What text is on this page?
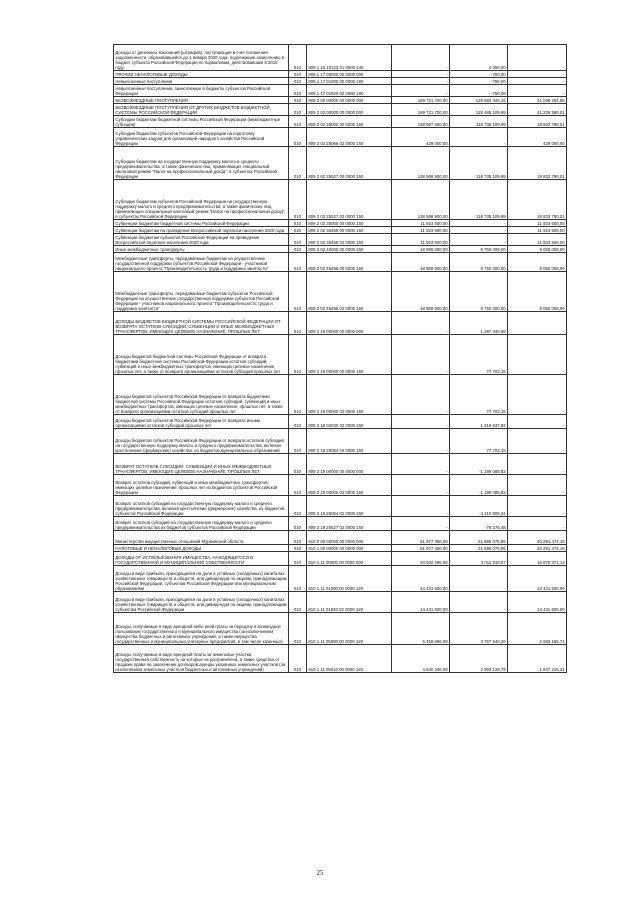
Доходы от денежных взысканий (штрафов), поступающие в счет погашения задолженности, образовавшейся до 1 января 2020 года, подлежащие зачислению в бюджет субъекта Российской Федерации по нормативам, действовавшим в 2019 году	010	809 1 16 10123 01 0000 140	-	4 050,00	-
ПРОЧИЕ НЕНАЛОГОВЫЕ ДОХОДЫ	010	809 1 17 00000 00 0000 000	-	-750,00	-
Невыясненные поступления	010	809 1 17 01000 00 0000 180	-	-750,00	-
Невыясненные поступления, зачисляемые в бюджеты субъектов Российской Федерации	010	809 1 17 01020 02 0000 180	-	-750,00	-
БЕЗВОЗМЕЗДНЫЕ ПОСТУПЛЕНИЯ	010	809 2 00 00000 00 0000 000	169 721 700,00	128 683 445,15	41 038 254,85
БЕЗВОЗМЕЗДНЫЕ ПОСТУПЛЕНИЯ ОТ ДРУГИХ БЮДЖЕТОВ БЮДЖЕТНОЙ СИСТЕМЫ РОССИЙСКОЙ ФЕДЕРАЦИИ	010	809 2 02 00000 00 0000 000	169 721 700,00	128 485 109,99	41 236 590,01
Субсидии бюджетам бюджетной системы Российской Федерации (межбюджетные субсидии)	010	809 2 02 20000 00 0000 150	138 997 600,00	118 735 109,99	18 662 790,01
Субсидии бюджетам субъектов Российской Федерации на подготовку управленческих кадров для организаций народного хозяйства Российской Федерации	010	809 2 02 25066 02 0000 150	429 000,00	-	429 000,00
Субсидии бюджетам на государственную поддержку малого и среднего предпринимательства, а также физических лиц, применяющих специальный налоговый режим "Налог на профессиональный доход", в субъектах Российской Федерации	010	809 2 02 25527 00 0000 150	138 568 900,00	118 735 109,99	18 833 790,01
Субсидии бюджетам субъектов Российской Федерации на государственную поддержку малого и среднего предпринимательства, а также физических лиц, применяющих специальный налоговый режим "Налог на профессиональный доход", в субъектах Российской Федерации	010	809 2 02 25527 02 0000 150	138 568 900,00	118 735 109,99	18 833 790,01
Субвенции бюджетам бюджетной системы Российской Федерации	010	809 2 02 30000 00 0000 150	11 923 600,00	-	11 923 600,00
Субвенции бюджетам на проведение Всероссийской переписи населения 2020 года	010	809 2 02 35469 00 0000 150	11 923 600,00	-	11 923 600,00
Субвенции бюджетам субъектов Российской Федерации на проведение Всероссийской переписи населения 2020 года	010	809 2 02 35469 02 0000 150	11 923 600,00	-	11 923 600,00
Иные межбюджетные трансферты	010	809 2 02 40000 00 0000 150	18 800 000,00	9 750 000,00	9 050 000,00
Межбюджетные трансферты, передаваемые бюджетам на осуществление государственной поддержки субъектов Российской Федерации - участников национального проекта "Производительность труда и поддержка занятости"	010	809 2 02 45296 00 0000 150	18 800 000,00	9 750 000,00	9 050 000,00
Межбюджетные трансферты, передаваемые бюджетам субъектов Российской Федерации на осуществление государственной поддержки субъектов Российской Федерации - участников национального проекта "Производительность труда и поддержка занятости"	010	809 2 02 45296 02 0000 150	18 800 000,00	9 750 000,00	9 050 000,00
ДОХОДЫ БЮДЖЕТОВ БЮДЖЕТНОЙ СИСТЕМЫ РОССИЙСКОЙ ФЕДЕРАЦИИ ОТ ВОЗВРАТА ОСТАТКОВ СУБСИДИЙ, СУБВЕНЦИЙ И ИНЫХ МЕЖБЮДЖЕТНЫХ ТРАНСФЕРТОВ, ИМЕЮЩИХ ЦЕЛЕВОЕ НАЗНАЧЕНИЕ, ПРОШЛЫХ ЛЕТ	010	809 2 18 00000 00 0000 000	-	1 397 340,88	-
Доходы бюджетов бюджетной системы Российской Федерации от возврата бюджетами бюджетной системы Российской Федерации остатков субсидий, субвенций и иных межбюджетных трансфертов, имеющих целевое назначение, прошлых лет, а также от возврата организациями остатков субсидий прошлых лет	010	809 2 18 00000 00 0000 150	-	77 703,15	-
Доходы бюджетов субъектов Российской Федерации от возврата бюджетами бюджетной системы Российской Федерации остатков субсидий, субвенций и иных межбюджетных трансфертов, имеющих целевое назначение, прошлых лет, а также от возврата организациями остатков субсидий прошлых лет	010	809 2 18 00000 02 0000 150	-	77 703,15	-
Доходы бюджетов субъектов Российской Федерации от возврата иными организациями остатков субсидий прошлых лет	010	809 2 18 02030 02 0000 150	-	1 319 637,82	-
Доходы бюджетов субъектов Российской Федерации от возврата остатков субсидий на государственную поддержку малого и среднего предпринимательства, включая крестьянские (фермерские) хозяйства, из бюджетов муниципальных образований	010	809 2 18 25064 02 0000 150	-	77 703,15	-
ВОЗВРАТ ОСТАТКОВ СУБСИДИЙ, СУБВЕНЦИЙ И ИНЫХ МЕЖБЮДЖЕТНЫХ ТРАНСФЕРТОВ, ИМЕЮЩИХ ЦЕЛЕВОЕ НАЗНАЧЕНИЕ, ПРОШЛЫХ ЛЕТ	010	809 2 19 00000 00 0000 000	-	-1 199 085,82	-
Возврат остатков субсидий, субвенций и иных межбюджетных трансфертов, имеющих целевое назначение, прошлых лет из бюджетов субъектов Российской Федерации	010	809 2 19 00000 02 0000 150	-	-1 199 085,82	-
Возврат остатков субсидий на государственную поддержку малого и среднего предпринимательства, включая крестьянские (фермерские) хозяйства, из бюджетов субъектов Российской Федерации	010	809 2 19 25064 02 0000 150	-	-1 110 809,34	-
Возврат остатков субсидий на государственную поддержку малого и среднего предпринимательства из бюджетов субъектов Российской Федерации	010	809 2 19 25527 02 0000 150	-	-78 276,48	-
Министерство имущественных отношений Мурманской области	010	810 0 00 00000 00 0000 000	61 977 450,00	21 686 075,85	40 291 474,15
НАЛОГОВЫЕ И НЕНАЛОГОВЫЕ ДОХОДЫ	010	810 1 00 00000 00 0000 000	61 977 450,00	21 686 075,85	40 291 474,15
ДОХОДЫ ОТ ИСПОЛЬЗОВАНИЯ ИМУЩЕСТВА, НАХОДЯЩЕГОСЯ В ГОСУДАРСТВЕННОЙ И МУНИЦИПАЛЬНОЙ СОБСТВЕННОСТИ	010	810 1 11 00000 00 0000 000	20 932 296,00	4 011 918,87	16 870 371,13
Доходы в виде прибыли, приходящейся на доли в уставных (складочных) капиталах хозяйственных товариществ и обществ, или дивидендов по акциям, принадлежащим Российской Федерации, субъектам Российской Федерации или муниципальным образованиям	010	810 1 11 01000 00 0000 120	14 431 600,00	-	14 431 600,00
Доходы в виде прибыли, приходящейся на доли в уставных (складочных) капиталах хозяйственных товариществ и обществ, или дивидендов по акциям, принадлежащим субъектам Российской Федерации	010	810 1 11 01020 02 0000 120	14 431 600,00	-	14 431 600,00
Доходы, получаемые в виде арендной либо иной платы за передачу в возмездное пользование государственного и муниципального имущества (за исключением имущества бюджетных и автономных учреждений, а также имущества государственных и муниципальных унитарных предприятий, в том числе казенных)	010	810 1 11 05000 00 0000 120	6 450 696,00	3 767 540,26	2 683 155,74
Доходы, получаемые в виде арендной платы за земельные участки, государственная собственность на которые не разграничена, а также средства от продажи права на заключение договоров аренды указанных земельных участков (за исключением земельных участков бюджетных и автономных учреждений)	010	810 1 11 05010 00 0000 120	4 840 336,00	2 993 120,79	1 847 215,21
25
